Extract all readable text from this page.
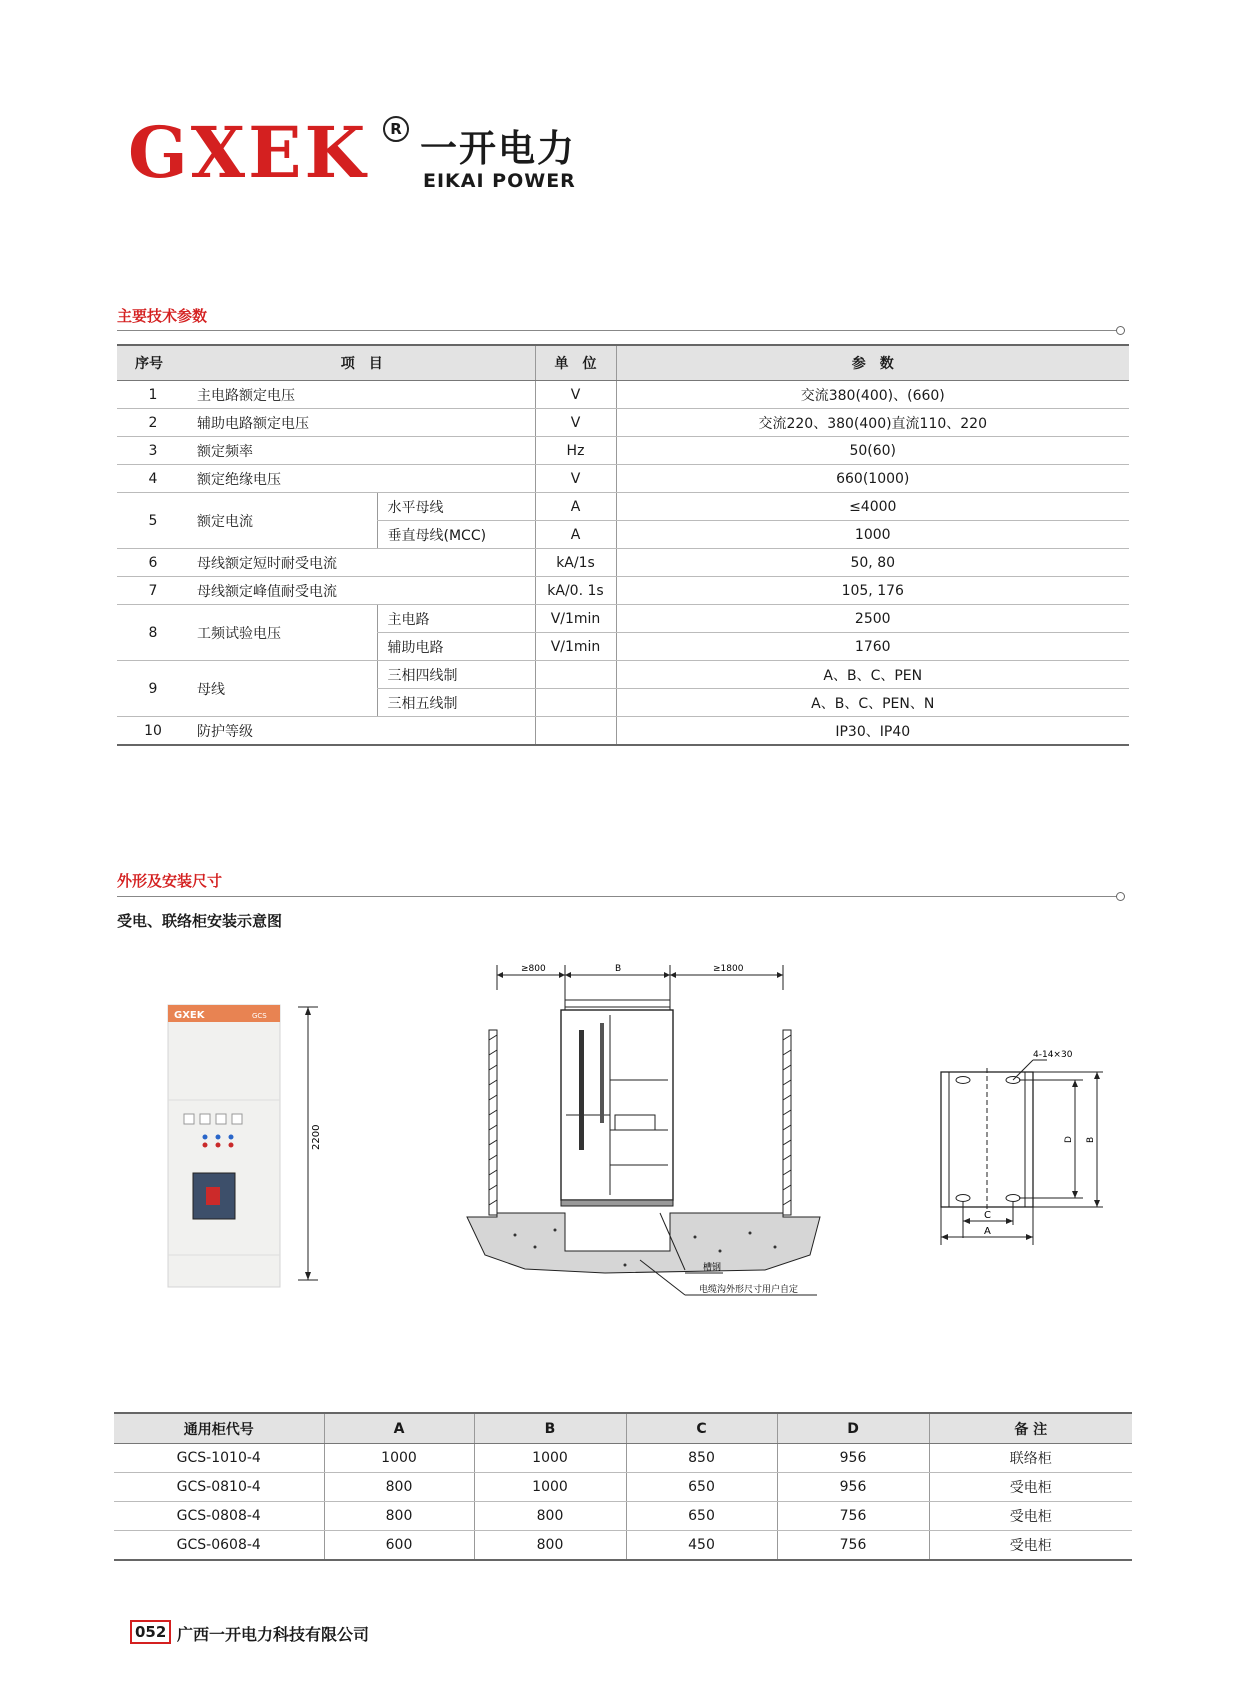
GXEK	R 一开电力
EIKAI POWER
主要技术参数
序号	项　目		单　位	参　数
1	主电路额定电压		V	交流380(400)、(660)
2	辅助电路额定电压		V	交流220、380(400)直流110、220
3	额定频率		Hz	50(60)
4	额定绝缘电压		V	660(1000)
5	额定电流	水平母线	A	≤4000
		垂直母线(MCC)	A	1000
6	母线额定短时耐受电流		kA/1s	50, 80
7	母线额定峰值耐受电流		kA/0. 1s	105, 176
8	工频试验电压	主电路	V/1min	2500
		辅助电路	V/1min	1760
9	母线	三相四线制		A、B、C、PEN
		三相五线制		A、B、C、PEN、N
10	防护等级			IP30、IP40
外形及安装尺寸
受电、联络柜安装示意图
GXEK	GCS
2200
≥800	B	≥1800
槽钢
电缆沟外形尺寸用户自定
4-14×30
D B
C
A
通用柜代号	A	B	C	D	备 注
GCS-1010-4	1000	1000	850	956	联络柜
GCS-0810-4	800	1000	650	956	受电柜
GCS-0808-4	800	800	650	756	受电柜
GCS-0608-4	600	800	450	756	受电柜
052 广西一开电力科技有限公司
